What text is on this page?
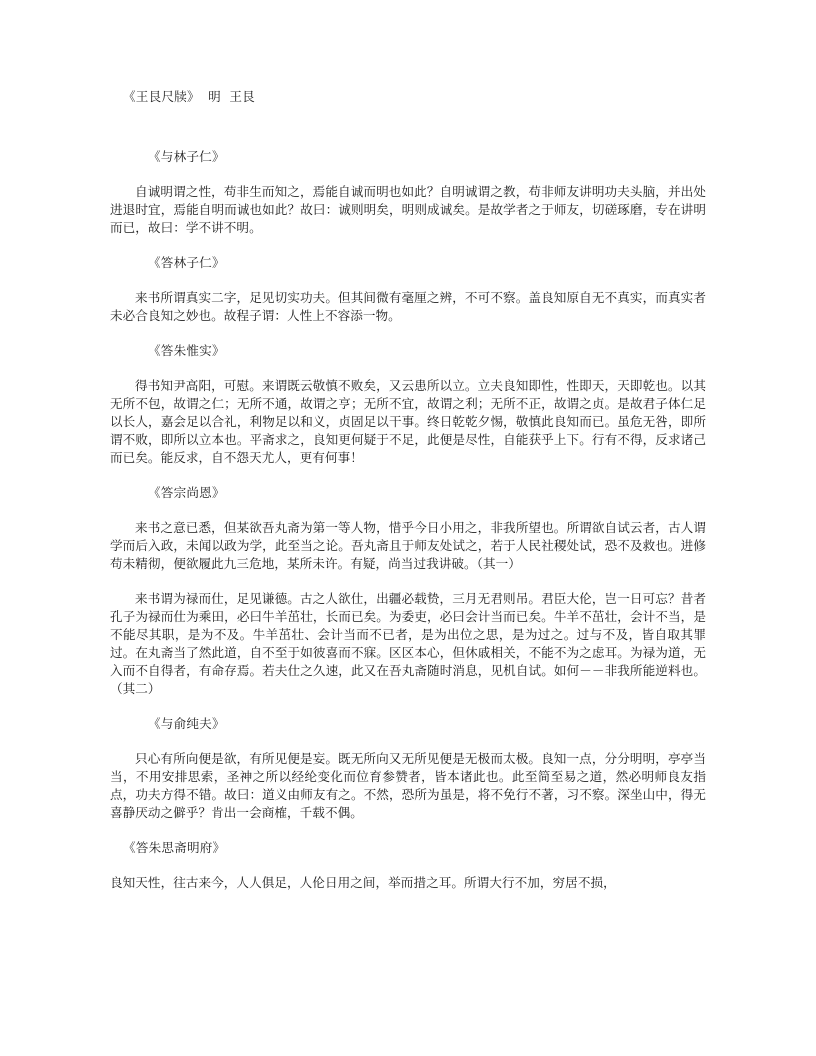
《王艮尺牍》  明  王艮
《与林子仁》

自诚明谓之性，苟非生而知之，焉能自诚而明也如此？自明诚谓之教，苟非师友讲明功夫头脑，并出处进退时宜，焉能自明而诚也如此？故曰：诚则明矣，明则成诚矣。是故学者之于师友，切磋琢磨，专在讲明而已，故曰：学不讲不明。

《答林子仁》

来书所谓真实二字，足见切实功夫。但其间微有毫厘之辨，不可不察。盖良知原自无不真实，而真实者未必合良知之妙也。故程子谓：人性上不容添一物。

《答朱惟实》

得书知尹高阳，可慰。来谓既云敬慎不败矣，又云患所以立。立夫良知即性，性即天，天即乾也。以其无所不包，故谓之仁；无所不通，故谓之亨；无所不宜，故谓之利；无所不正，故谓之贞。是故君子体仁足以长人，嘉会足以合礼，利物足以和义，贞固足以干事。终日乾乾夕惕，敬慎此良知而已。虽危无咎，即所谓不败，即所以立本也。平斋求之，良知更何疑于不足，此便是尽性，自能获乎上下。行有不得，反求诸己而已矣。能反求，自不怨天尤人，更有何事！

《答宗尚恩》

来书之意已悉，但某欲吾丸斋为第一等人物，惜乎今日小用之，非我所望也。所谓欲自试云者，古人谓学而后入政，未闻以政为学，此至当之论。吾丸斋且于师友处试之，若于人民社稷处试，恐不及救也。进修苟未精彻，便欲履此九三危地，某所未许。有疑，尚当过我讲破。（其一）

来书谓为禄而仕，足见谦德。古之人欲仕，出疆必载贽，三月无君则吊。君臣大伦，岂一日可忘？昔者孔子为禄而仕为乘田，必曰牛羊茁壮，长而已矣。为委吏，必曰会计当而已矣。牛羊不茁壮，会计不当，是不能尽其职，是为不及。牛羊茁壮、会计当而不已者，是为出位之思，是为过之。过与不及，皆自取其罪过。在丸斋当了然此道，自不至于如彼喜而不寐。区区本心，但休戚相关，不能不为之虑耳。为禄为道，无入而不自得者，有命存焉。若夫仕之久速，此又在吾丸斋随时消息，见机自试。如何－－非我所能逆料也。（其二）

《与俞纯夫》

只心有所向便是欲，有所见便是妄。既无所向又无所见便是无极而太极。良知一点，分分明明，亭亭当当，不用安排思索，圣神之所以经纶变化而位育参赞者，皆本诸此也。此至简至易之道，然必明师良友指点，功夫方得不错。故曰：道义由师友有之。不然，恐所为虽是，将不免行不著，习不察。深坐山中，得无喜静厌动之僻乎？肯出一会商榷，千载不偶。

《答朱思斋明府》

良知天性，往古来今，人人俱足，人伦日用之间，举而措之耳。所谓大行不加，穷居不损，
